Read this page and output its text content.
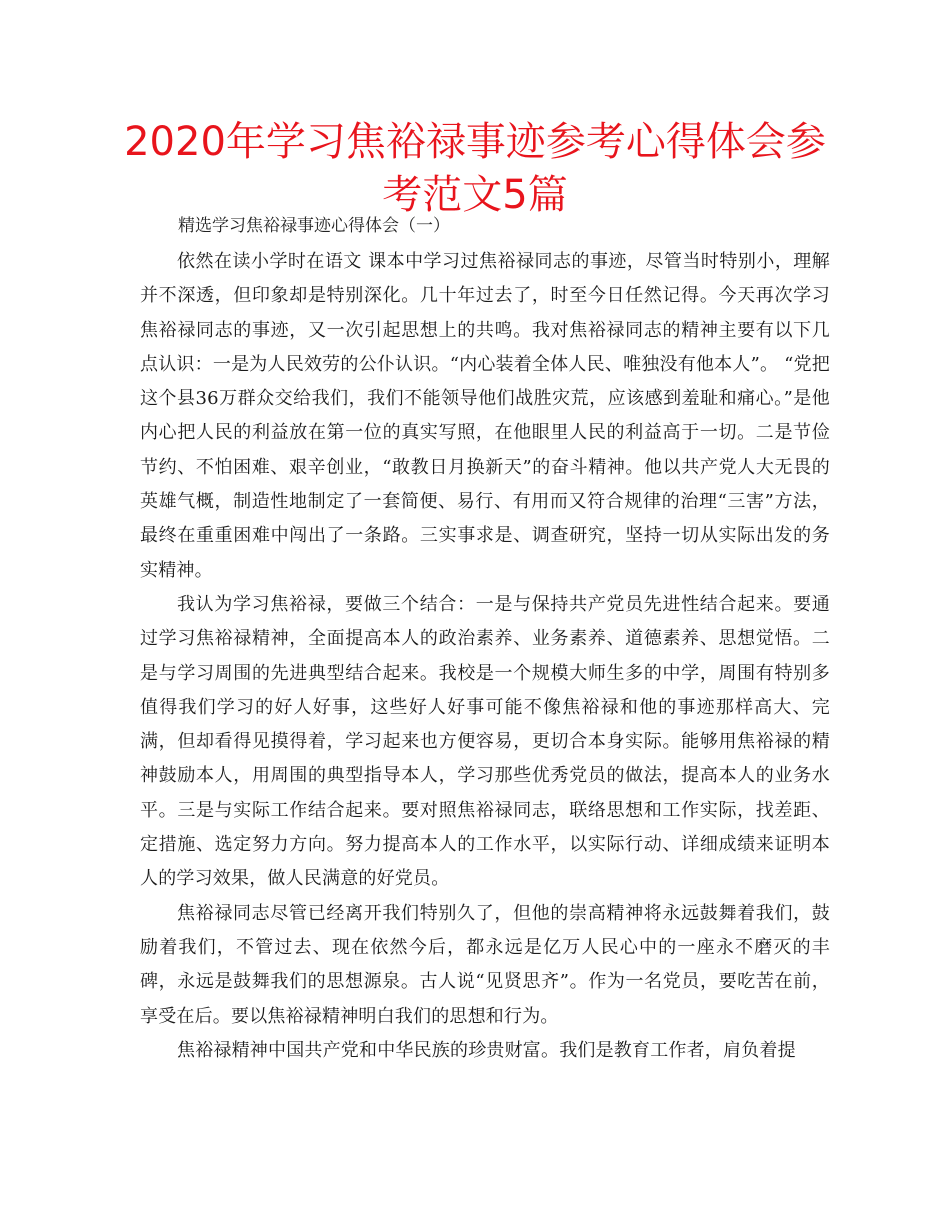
2020年学习焦裕禄事迹参考心得体会参考范文5篇

精选学习焦裕禄事迹心得体会（一）

依然在读小学时在语文 课本中学习过焦裕禄同志的事迹，尽管当时特别小，理解并不深透，但印象却是特别深化。几十年过去了，时至今日任然记得。今天再次学习焦裕禄同志的事迹，又一次引起思想上的共鸣。我对焦裕禄同志的精神主要有以下几点认识：一是为人民效劳的公仆认识。“内心装着全体人民、唯独没有他本人”。 “党把这个县36万群众交给我们，我们不能领导他们战胜灾荒，应该感到羞耻和痛心。”是他内心把人民的利益放在第一位的真实写照，在他眼里人民的利益高于一切。二是节俭节约、不怕困难、艰辛创业，“敢教日月换新天”的奋斗精神。他以共产党人大无畏的英雄气概，制造性地制定了一套简便、易行、有用而又符合规律的治理“三害”方法，最终在重重困难中闯出了一条路。三实事求是、调查研究，坚持一切从实际出发的务实精神。

我认为学习焦裕禄，要做三个结合：一是与保持共产党员先进性结合起来。要通过学习焦裕禄精神，全面提高本人的政治素养、业务素养、道德素养、思想觉悟。二是与学习周围的先进典型结合起来。我校是一个规模大师生多的中学，周围有特别多值得我们学习的好人好事，这些好人好事可能不像焦裕禄和他的事迹那样高大、完满，但却看得见摸得着，学习起来也方便容易，更切合本身实际。能够用焦裕禄的精神鼓励本人，用周围的典型指导本人，学习那些优秀党员的做法，提高本人的业务水平。三是与实际工作结合起来。要对照焦裕禄同志，联络思想和工作实际，找差距、定措施、选定努力方向。努力提高本人的工作水平，以实际行动、详细成绩来证明本人的学习效果，做人民满意的好党员。

焦裕禄同志尽管已经离开我们特别久了，但他的崇高精神将永远鼓舞着我们，鼓励着我们，不管过去、现在依然今后，都永远是亿万人民心中的一座永不磨灭的丰碑，永远是鼓舞我们的思想源泉。古人说“见贤思齐”。作为一名党员，要吃苦在前，享受在后。要以焦裕禄精神明白我们的思想和行为。

焦裕禄精神中国共产党和中华民族的珍贵财富。我们是教育工作者，肩负着提
